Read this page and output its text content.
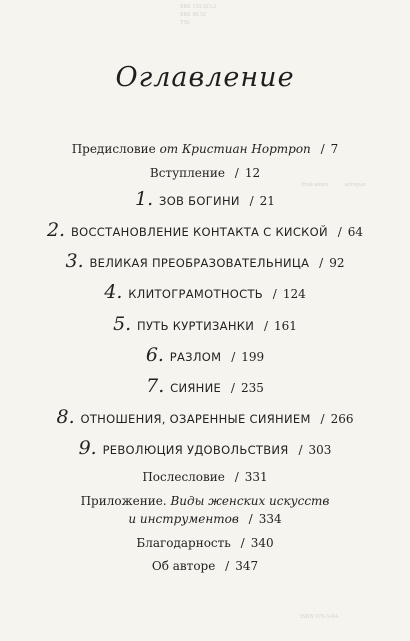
ББК 159.923.2
ББК 88.52
Т56
Этой книге	которые
ISBN 978-5-04-
Оглавление
Предисловие от Кристиан Нортроп / 7
Вступление / 12
1. ЗОВ БОГИНИ / 21
2. ВОССТАНОВЛЕНИЕ КОНТАКТА С КИСКОЙ / 64
3. ВЕЛИКАЯ ПРЕОБРАЗОВАТЕЛЬНИЦА / 92
4. КЛИТОГРАМОТНОСТЬ / 124
5. ПУТЬ КУРТИЗАНКИ / 161
6. РАЗЛОМ / 199
7. СИЯНИЕ / 235
8. ОТНОШЕНИЯ, ОЗАРЕННЫЕ СИЯНИЕМ / 266
9. РЕВОЛЮЦИЯ УДОВОЛЬСТВИЯ / 303
Послесловие / 331
Приложение. Виды женских искусств
и инструментов / 334
Благодарность / 340
Об авторе / 347
